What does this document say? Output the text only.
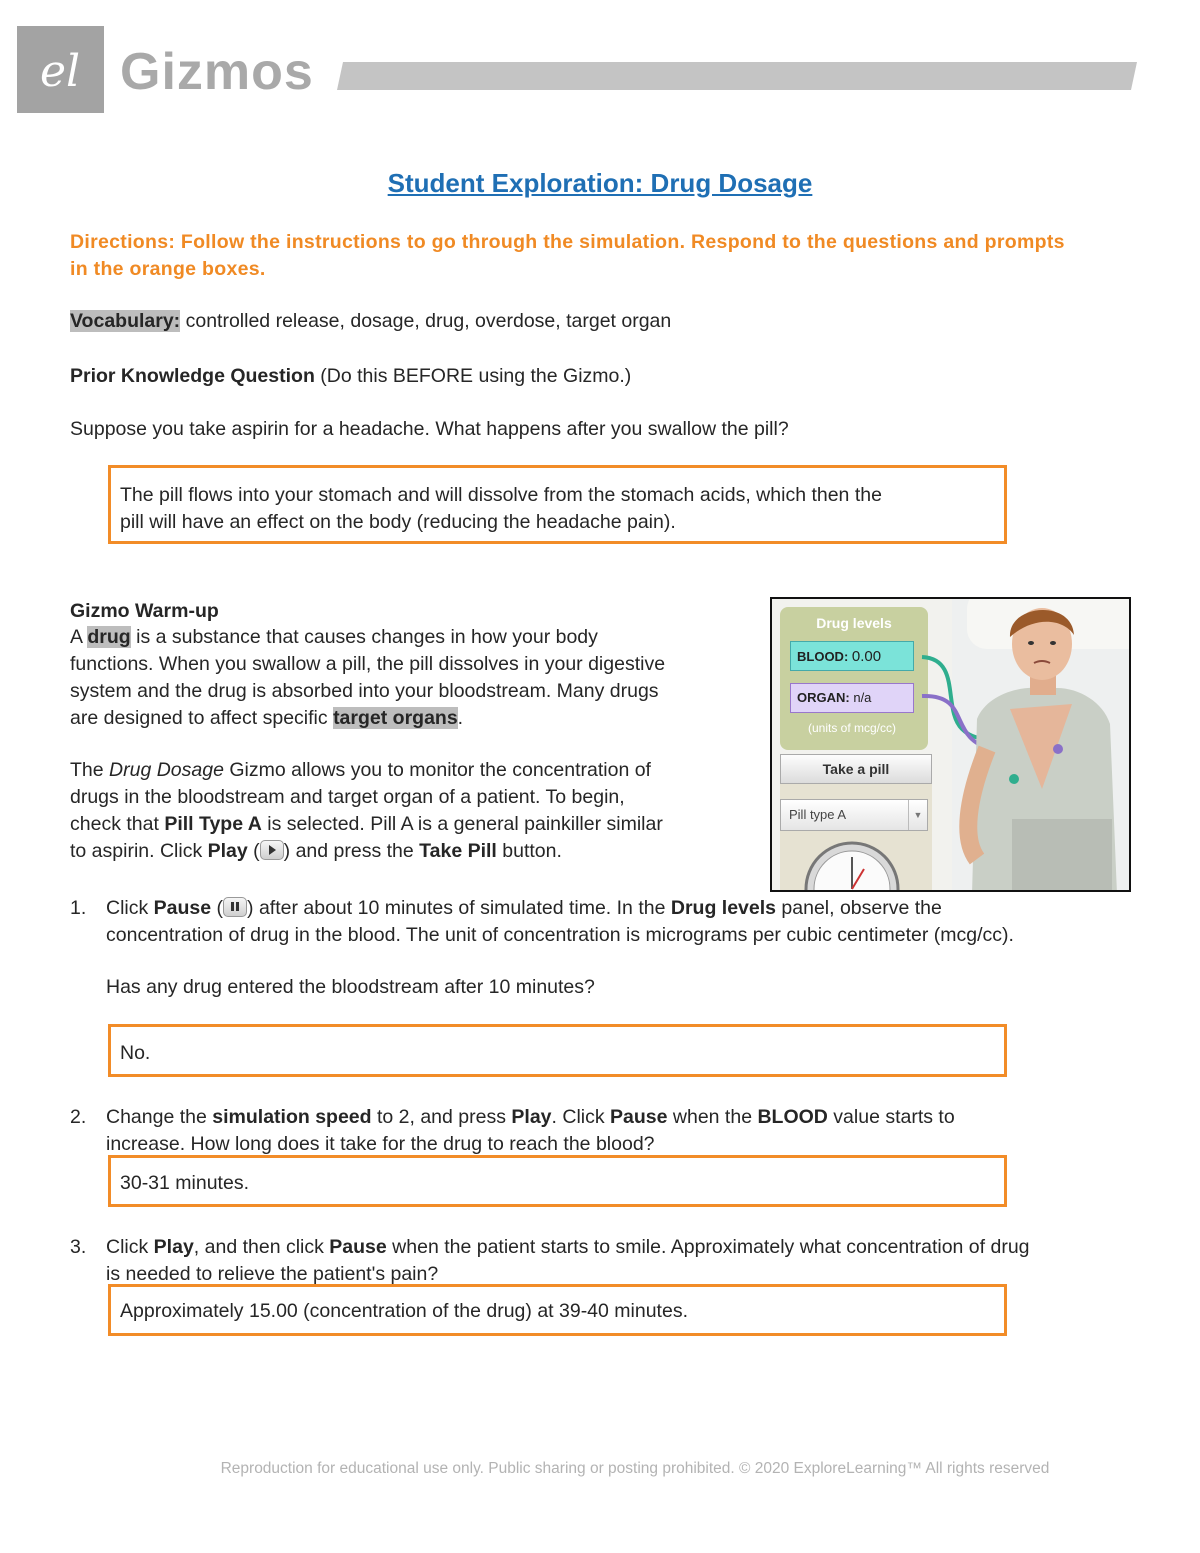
el Gizmos
Student Exploration: Drug Dosage
Directions: Follow the instructions to go through the simulation. Respond to the questions and prompts in the orange boxes.
Vocabulary: controlled release, dosage, drug, overdose, target organ
Prior Knowledge Question (Do this BEFORE using the Gizmo.)
Suppose you take aspirin for a headache. What happens after you swallow the pill?
The pill flows into your stomach and will dissolve from the stomach acids, which then the
pill will have an effect on the body (reducing the headache pain).
Gizmo Warm-up
A drug is a substance that causes changes in how your body
functions. When you swallow a pill, the pill dissolves in your digestive
system and the drug is absorbed into your bloodstream. Many drugs
are designed to affect specific target organs.
The Drug Dosage Gizmo allows you to monitor the concentration of
drugs in the bloodstream and target organ of a patient. To begin,
check that Pill Type A is selected. Pill A is a general painkiller similar
to aspirin. Click Play ( ) and press the Take Pill button.
Drug levels
BLOOD: 0.00
ORGAN: n/a
(units of mcg/cc)
Take a pill
Pill type A	▼
1. Click Pause ( ) after about 10 minutes of simulated time. In the Drug levels panel, observe the
concentration of drug in the blood. The unit of concentration is micrograms per cubic centimeter (mcg/cc).
Has any drug entered the bloodstream after 10 minutes?
No.
2. Change the simulation speed to 2, and press Play. Click Pause when the BLOOD value starts to
increase. How long does it take for the drug to reach the blood?
30-31 minutes.
3. Click Play, and then click Pause when the patient starts to smile. Approximately what concentration of drug
is needed to relieve the patient's pain?
Approximately 15.00 (concentration of the drug) at 39-40 minutes.
Reproduction for educational use only. Public sharing or posting prohibited. © 2020 ExploreLearning™ All rights reserved
